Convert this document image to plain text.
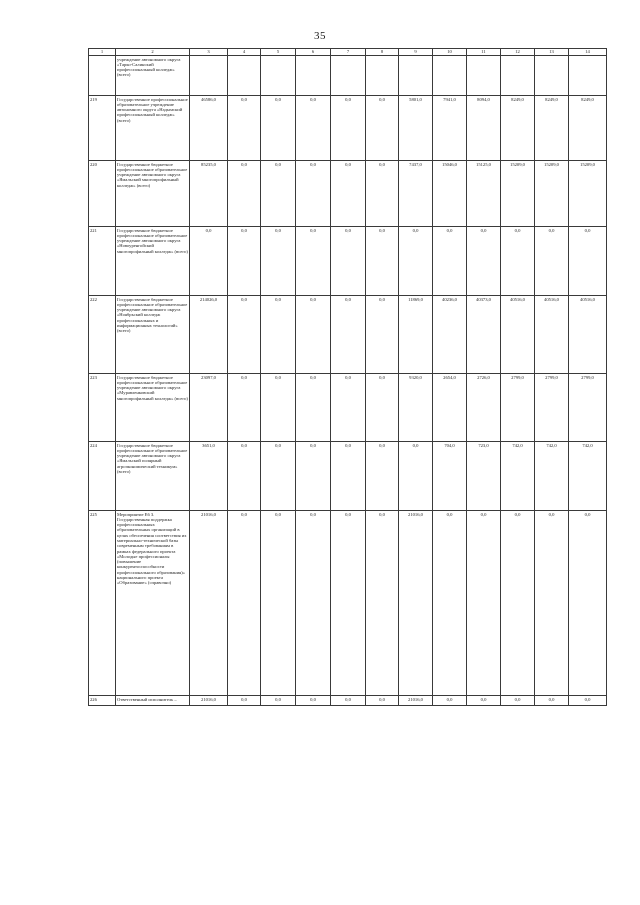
35
1	2	3	4	5	6	7	8	9	10	11	12	13	14
	учреждение автономного округа «Тарко-Салинский профессиональный колледж» (всего)												
219	Государственное профессиональное образовательное учреждение автономного округа «Надымский профессиональный колледж» (всего)	46586,0	0,0	0,0	0,0	0,0	0,0	5801,0	7941,0	8094,0	8249,0	8249,0	8249,0
220	Государственное бюджетное профессиональное образовательное учреждение автономного округа «Ямальский многопрофильный колледж» (всего)	85235,0	0,0	0,0	0,0	0,0	0,0	7437,0	15046,0	15125,0	15209,0	15209,0	15209,0
221	Государственное бюджетное профессиональное образовательное учреждение автономного округа «Новоуренгойский многопрофильный колледж» (всего)	0,0	0,0	0,0	0,0	0,0	0,0	0,0	0,0	0,0	0,0	0,0	0,0
222	Государственное бюджетное профессиональное образовательное учреждение автономного округа «Ноябрьский колледж профессиональных и информационных технологий» (всего)	214026,0	0,0	0,0	0,0	0,0	0,0	11869,0	40236,0	40373,0	40516,0	40516,0	40516,0
223	Государственное бюджетное профессиональное образовательное учреждение автономного округа «Муравленковский многопрофильный колледж» (всего)	23097,0	0,0	0,0	0,0	0,0	0,0	9320,0	2654,0	2726,0	2799,0	2799,0	2799,0
224	Государственное бюджетное профессиональное образовательное учреждение автономного округа «Ямальский полярный агроэкономический техникум» (всего)	3651,0	0,0	0,0	0,0	0,0	0,0	0,0	704,0	723,0	742,0	742,0	742,0
225	Мероприятие Е6 3. Государственная поддержка профессиональных образовательных организаций в целях обеспечения соответствия их материально-технической базы современным требованиям в рамках федерального проекта «Молодые профессионалы (повышение конкурентоспособности профессионального образования)» национального проекта «Образование» (справочно)	21016,0	0,0	0,0	0,0	0,0	0,0	21016,0	0,0	0,0	0,0	0,0	0,0
226	Ответственный исполнитель –	21016,0	0,0	0,0	0,0	0,0	0,0	21016,0	0,0	0,0	0,0	0,0	0,0
